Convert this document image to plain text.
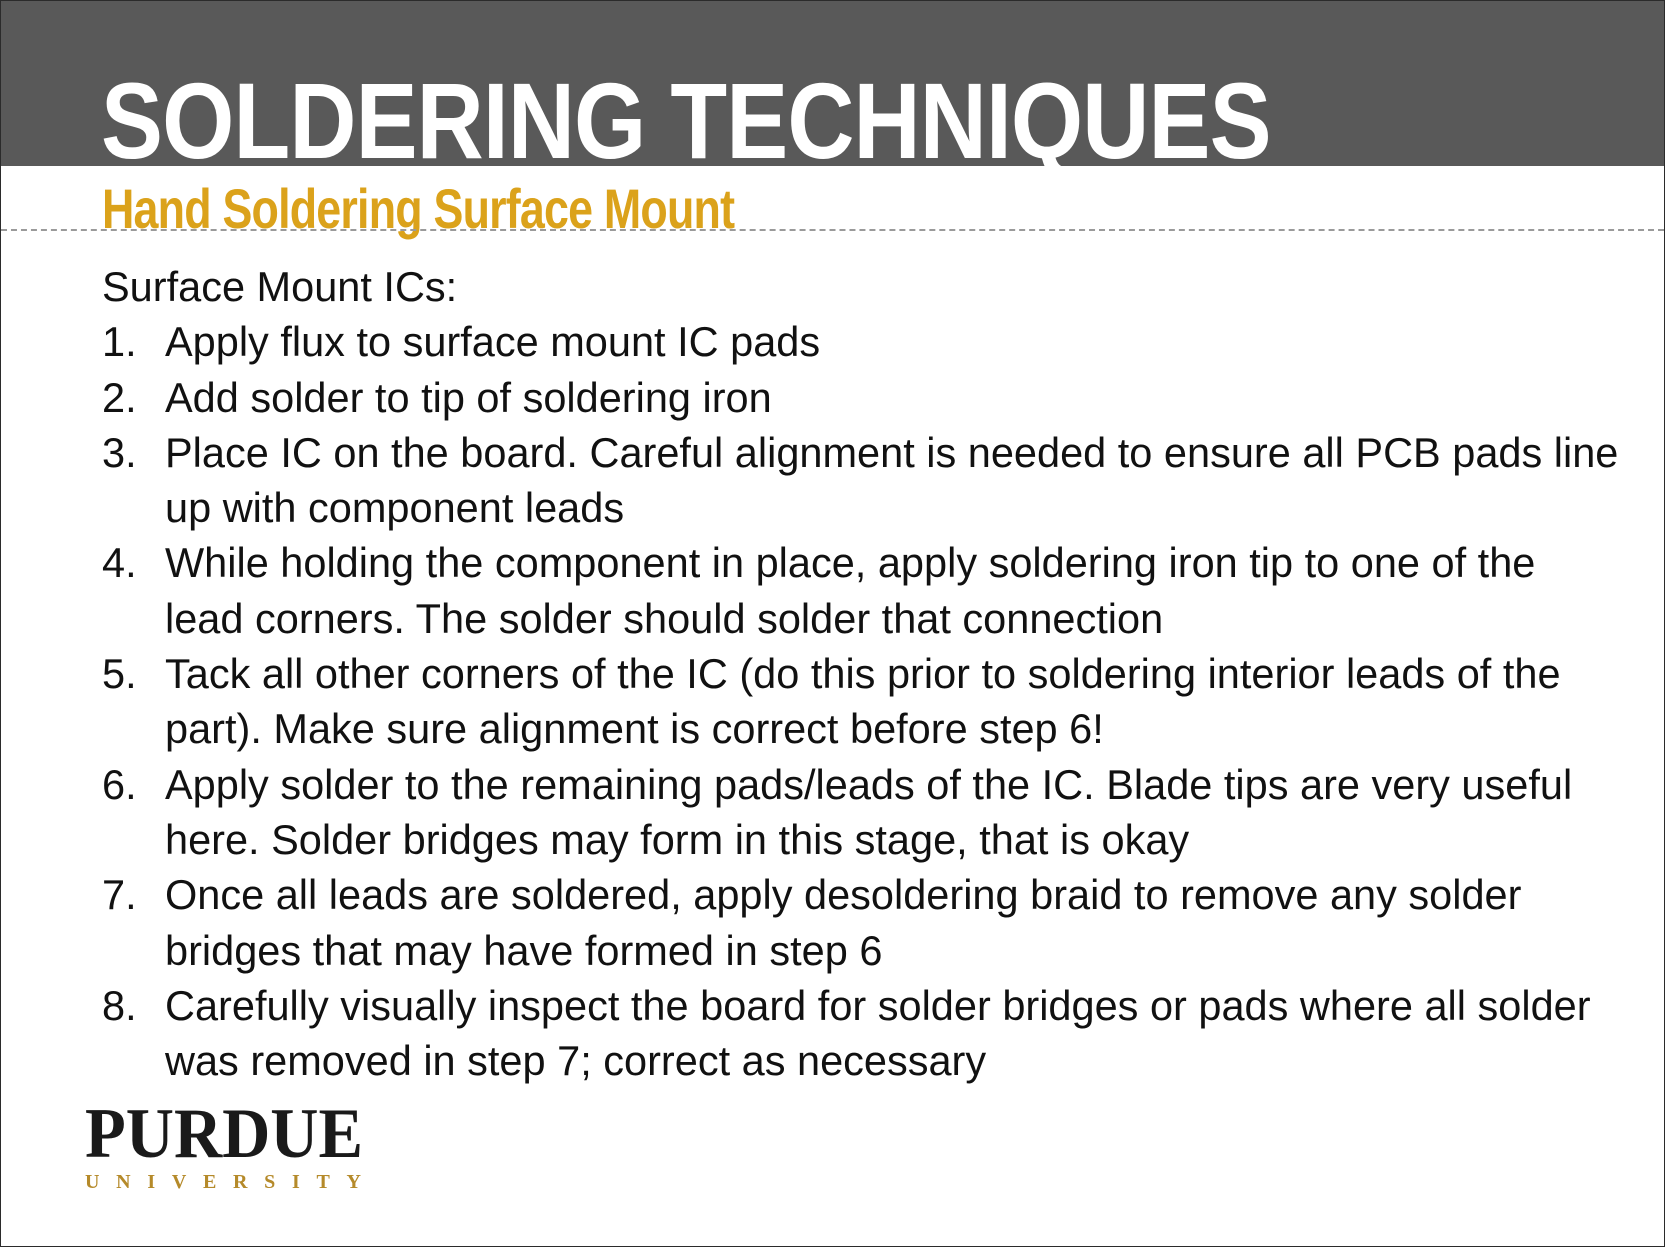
SOLDERING TECHNIQUES
Hand Soldering Surface Mount

Surface Mount ICs:

1. Apply flux to surface mount IC pads
2. Add solder to tip of soldering iron
3. Place IC on the board. Careful alignment is needed to ensure all PCB pads line up with component leads
4. While holding the component in place, apply soldering iron tip to one of the lead corners. The solder should solder that connection
5. Tack all other corners of the IC (do this prior to soldering interior leads of the part). Make sure alignment is correct before step 6!
6. Apply solder to the remaining pads/leads of the IC. Blade tips are very useful here. Solder bridges may form in this stage, that is okay
7. Once all leads are soldered, apply desoldering braid to remove any solder bridges that may have formed in step 6
8. Carefully visually inspect the board for solder bridges or pads where all solder was removed in step 7; correct as necessary
PURDUE
UNIVERSITY
